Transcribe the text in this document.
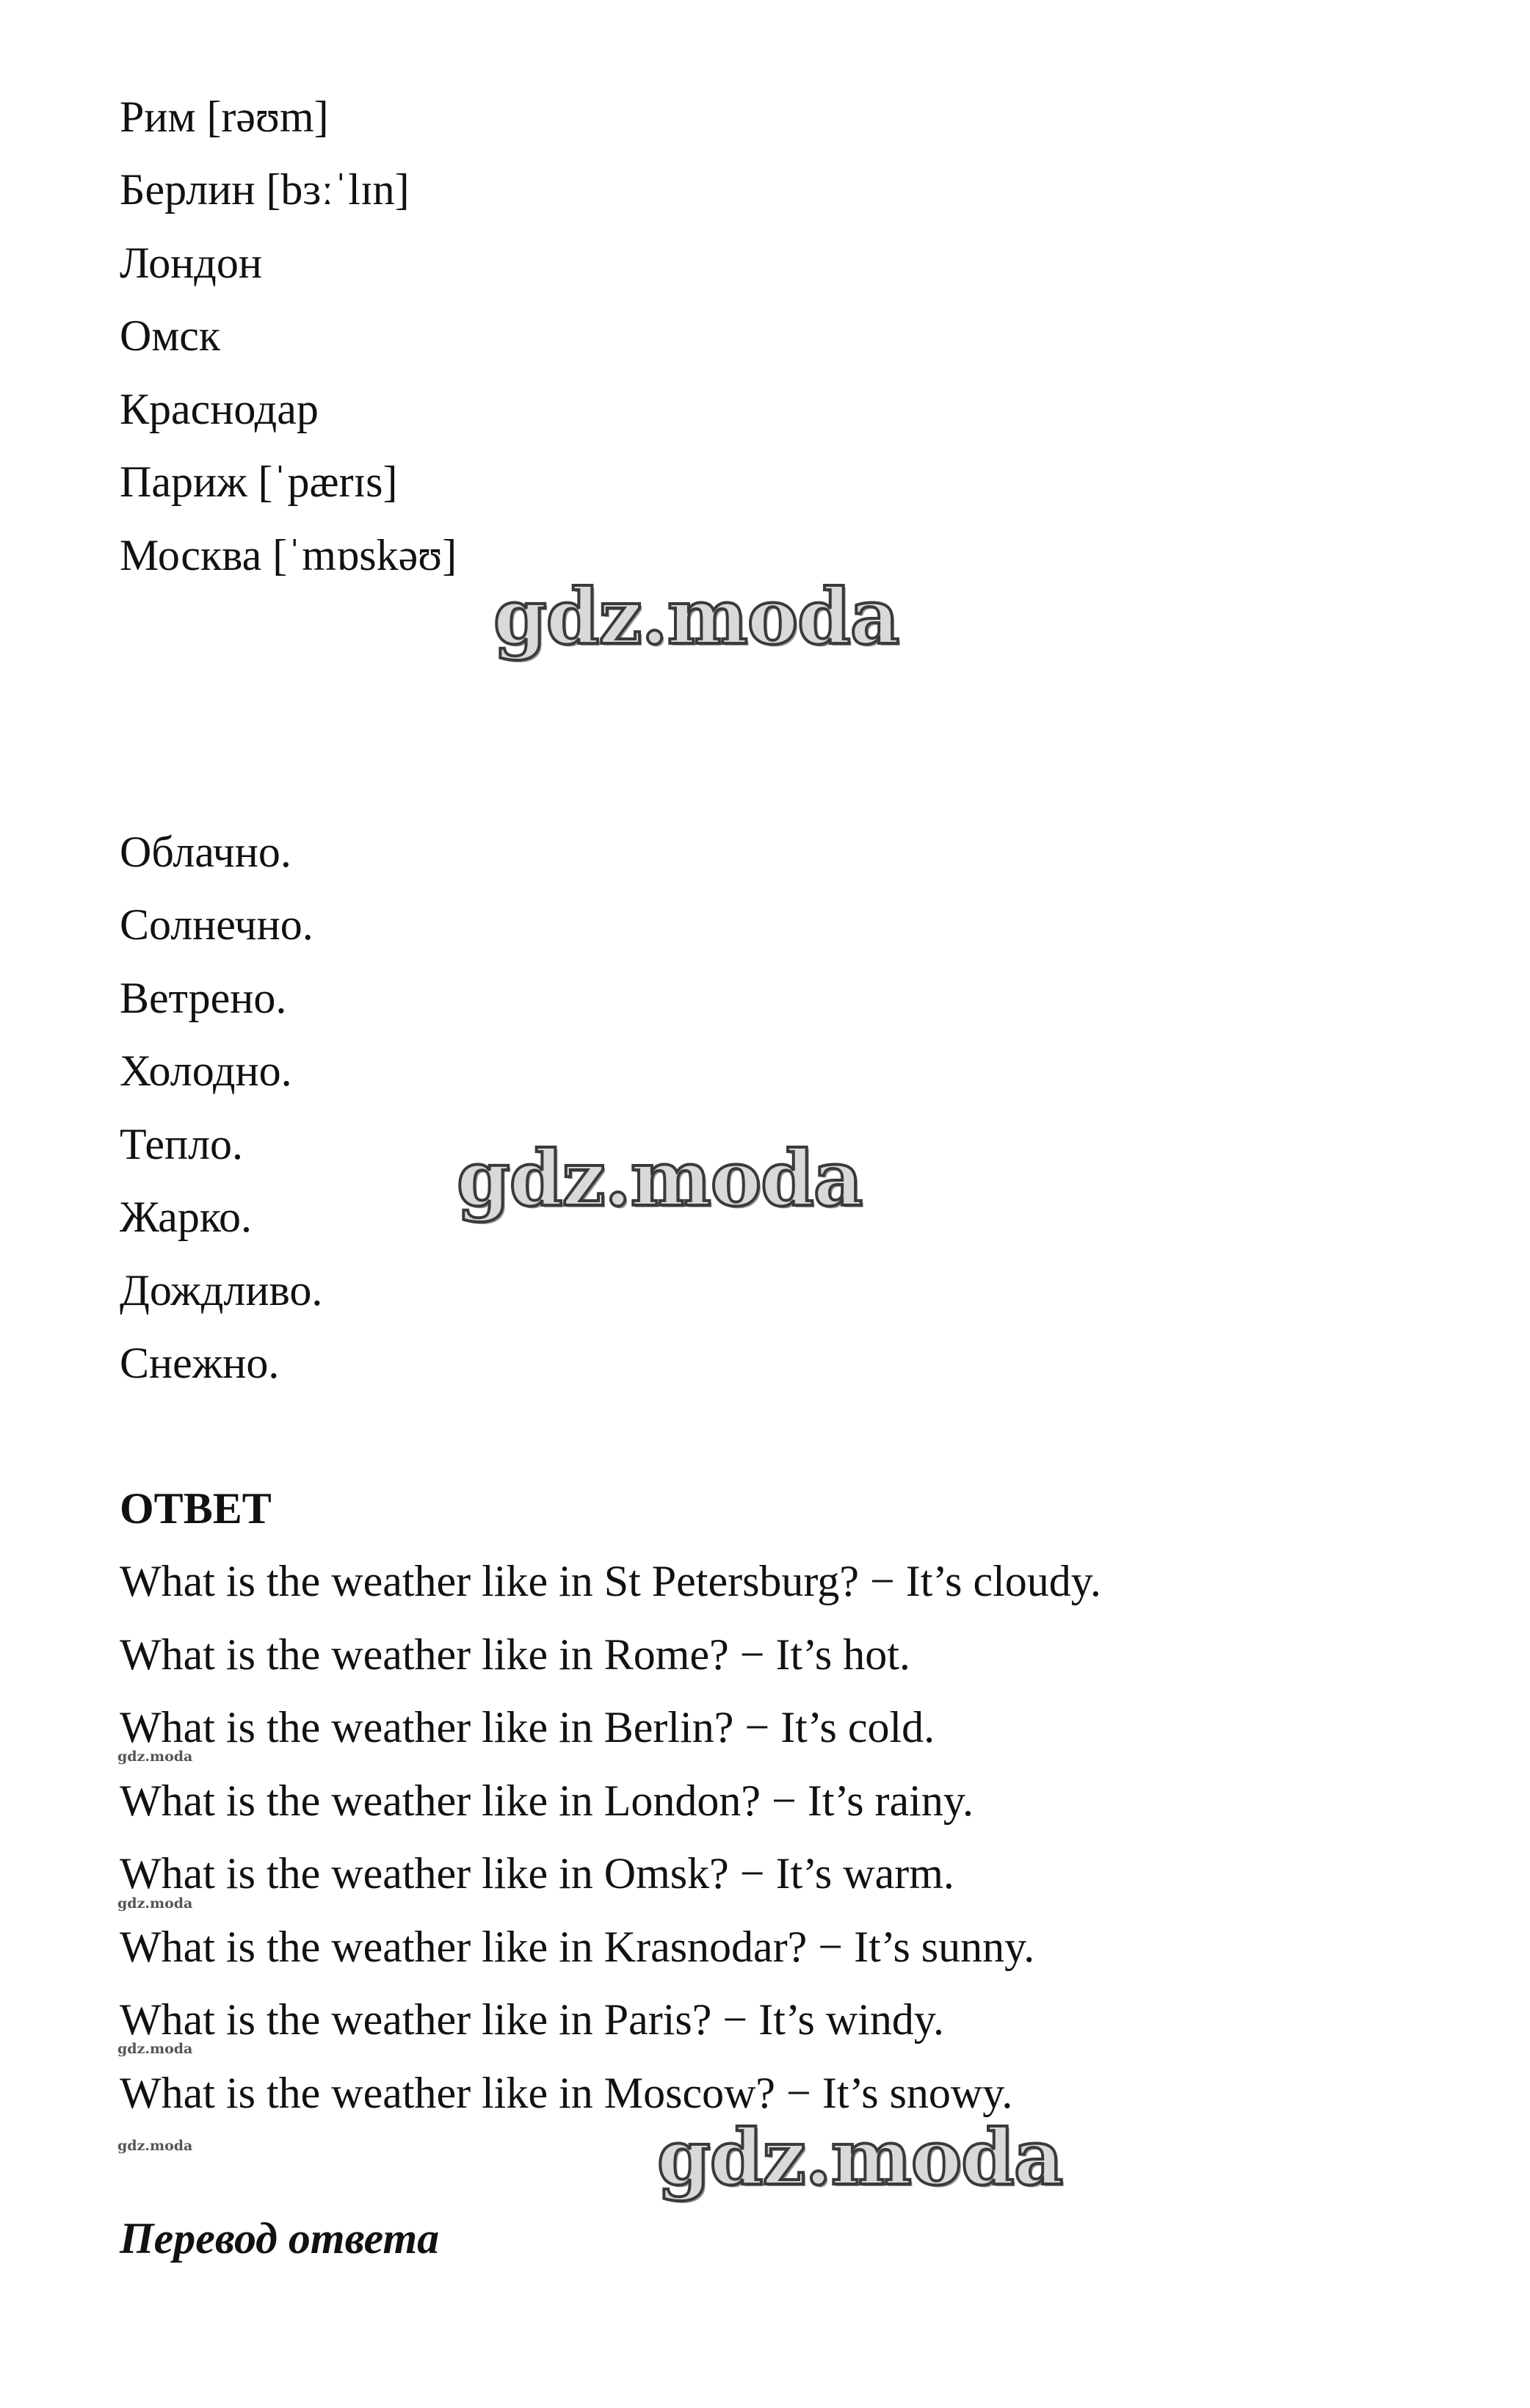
Рим [rəʊm]

Берлин [bɜːˈlɪn]

Лондон

Омск

Краснодар

Париж [ˈpærɪs]

Москва [ˈmɒskəʊ]

gdz.moda

Облачно.

Солнечно.

Ветрено.

Холодно.

Тепло.

Жарко.

Дождливо.

Снежно.

gdz.moda

ОТВЕТ

What is the weather like in St Petersburg? − It’s cloudy.

What is the weather like in Rome? − It’s hot.

What is the weather like in Berlin? − It’s cold.

gdz.moda

What is the weather like in London? − It’s rainy.

What is the weather like in Omsk? − It’s warm.

gdz.moda

What is the weather like in Krasnodar? − It’s sunny.

What is the weather like in Paris? − It’s windy.

gdz.moda

What is the weather like in Moscow? − It’s snowy.

gdz.moda	gdz.moda

Перевод ответа
